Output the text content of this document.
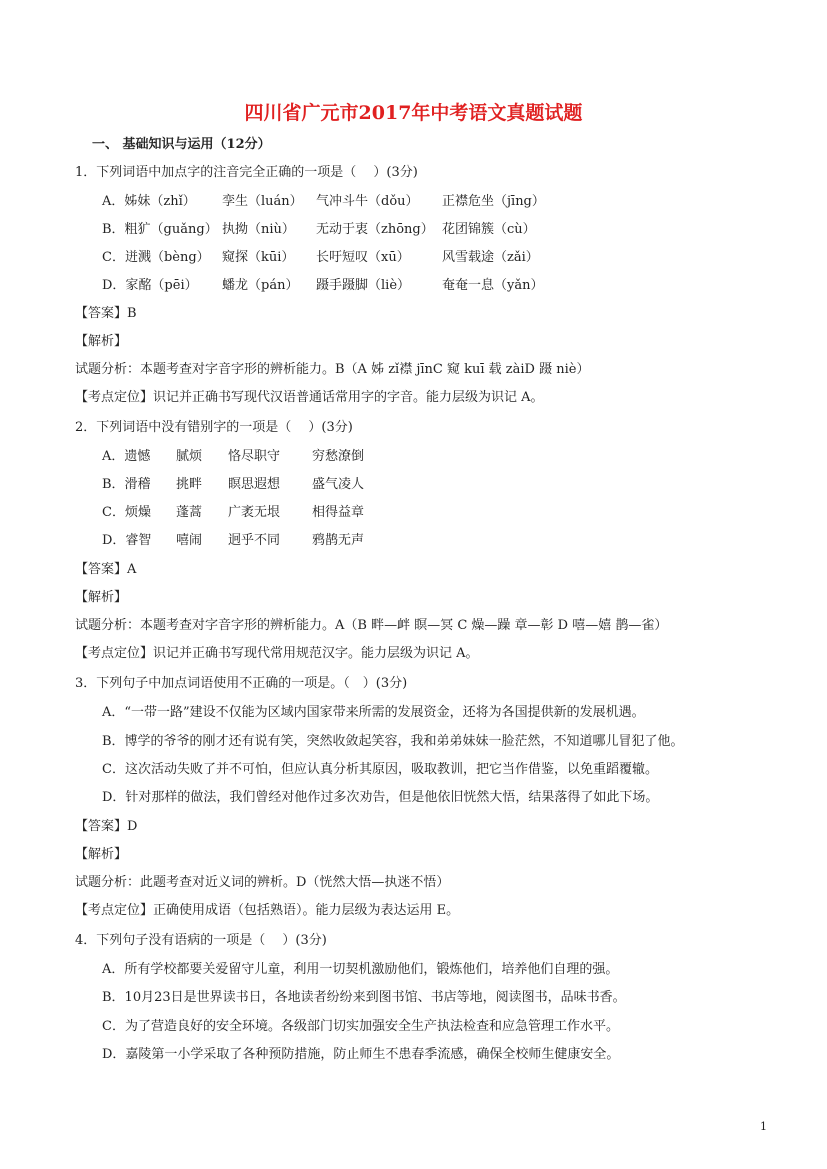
四川省广元市2017年中考语文真题试题
一、 基础知识与运用（12分）
1．下列词语中加点字的注音完全正确的一项是（　 ）(3分)
A．姊妹（zhǐ） 孪生（luán） 气冲斗牛（dǒu） 正襟危坐（jīng）
B．粗犷（guǎng） 执拗（niù） 无动于衷（zhōng） 花团锦簇（cù）
C．迸溅（bèng） 窥探（kūi） 长吁短叹（xū） 风雪载途（zǎi）
D．家酩（pēi） 蟠龙（pán） 蹑手蹑脚（liè） 奄奄一息（yǎn）
【答案】B
【解析】
试题分析：本题考查对字音字形的辨析能力。B（A 姊 zǐ襟 jīnC 窥 kuī 载 zàiD 蹑 niè）
【考点定位】识记并正确书写现代汉语普通话常用字的字音。能力层级为识记 A。
2．下列词语中没有错别字的一项是（　 ）(3分)
A．遗憾 腻烦 恪尽职守 穷愁潦倒
B．滑稽 挑畔 瞑思遐想 盛气凌人
C．烦燥 蓬蒿 广袤无垠 相得益章
D．睿智 嘻闹 迥乎不同 鸦鹊无声
【答案】A
【解析】
试题分析：本题考查对字音字形的辨析能力。A（B 畔—衅 瞑—冥 C 燥—躁 章—彰 D 嘻—嬉 鹊—雀）
【考点定位】识记并正确书写现代常用规范汉字。能力层级为识记 A。
3．下列句子中加点词语使用不正确的一项是。（　）(3分)
A．“一带一路”建设不仅能为区域内国家带来所需的发展资金，还将为各国提供新的发展机遇。
B．博学的爷爷的刚才还有说有笑，突然收敛起笑容，我和弟弟妹妹一脸茫然，不知道哪儿冒犯了他。
C．这次活动失败了并不可怕，但应认真分析其原因，吸取教训，把它当作借鉴，以免重蹈覆辙。
D．针对那样的做法，我们曾经对他作过多次劝告，但是他依旧恍然大悟，结果落得了如此下场。
【答案】D
【解析】
试题分析：此题考查对近义词的辨析。D（恍然大悟—执迷不悟）
【考点定位】正确使用成语（包括熟语）。能力层级为表达运用 E。
4．下列句子没有语病的一项是（　 ）(3分)
A．所有学校都要关爱留守儿童，利用一切契机激励他们，锻炼他们，培养他们自理的强。
B．10月23日是世界读书日，各地读者纷纷来到图书馆、书店等地，阅读图书，品味书香。
C．为了营造良好的安全环境。各级部门切实加强安全生产执法检查和应急管理工作水平。
D．嘉陵第一小学采取了各种预防措施，防止师生不患春季流感，确保全校师生健康安全。
1
